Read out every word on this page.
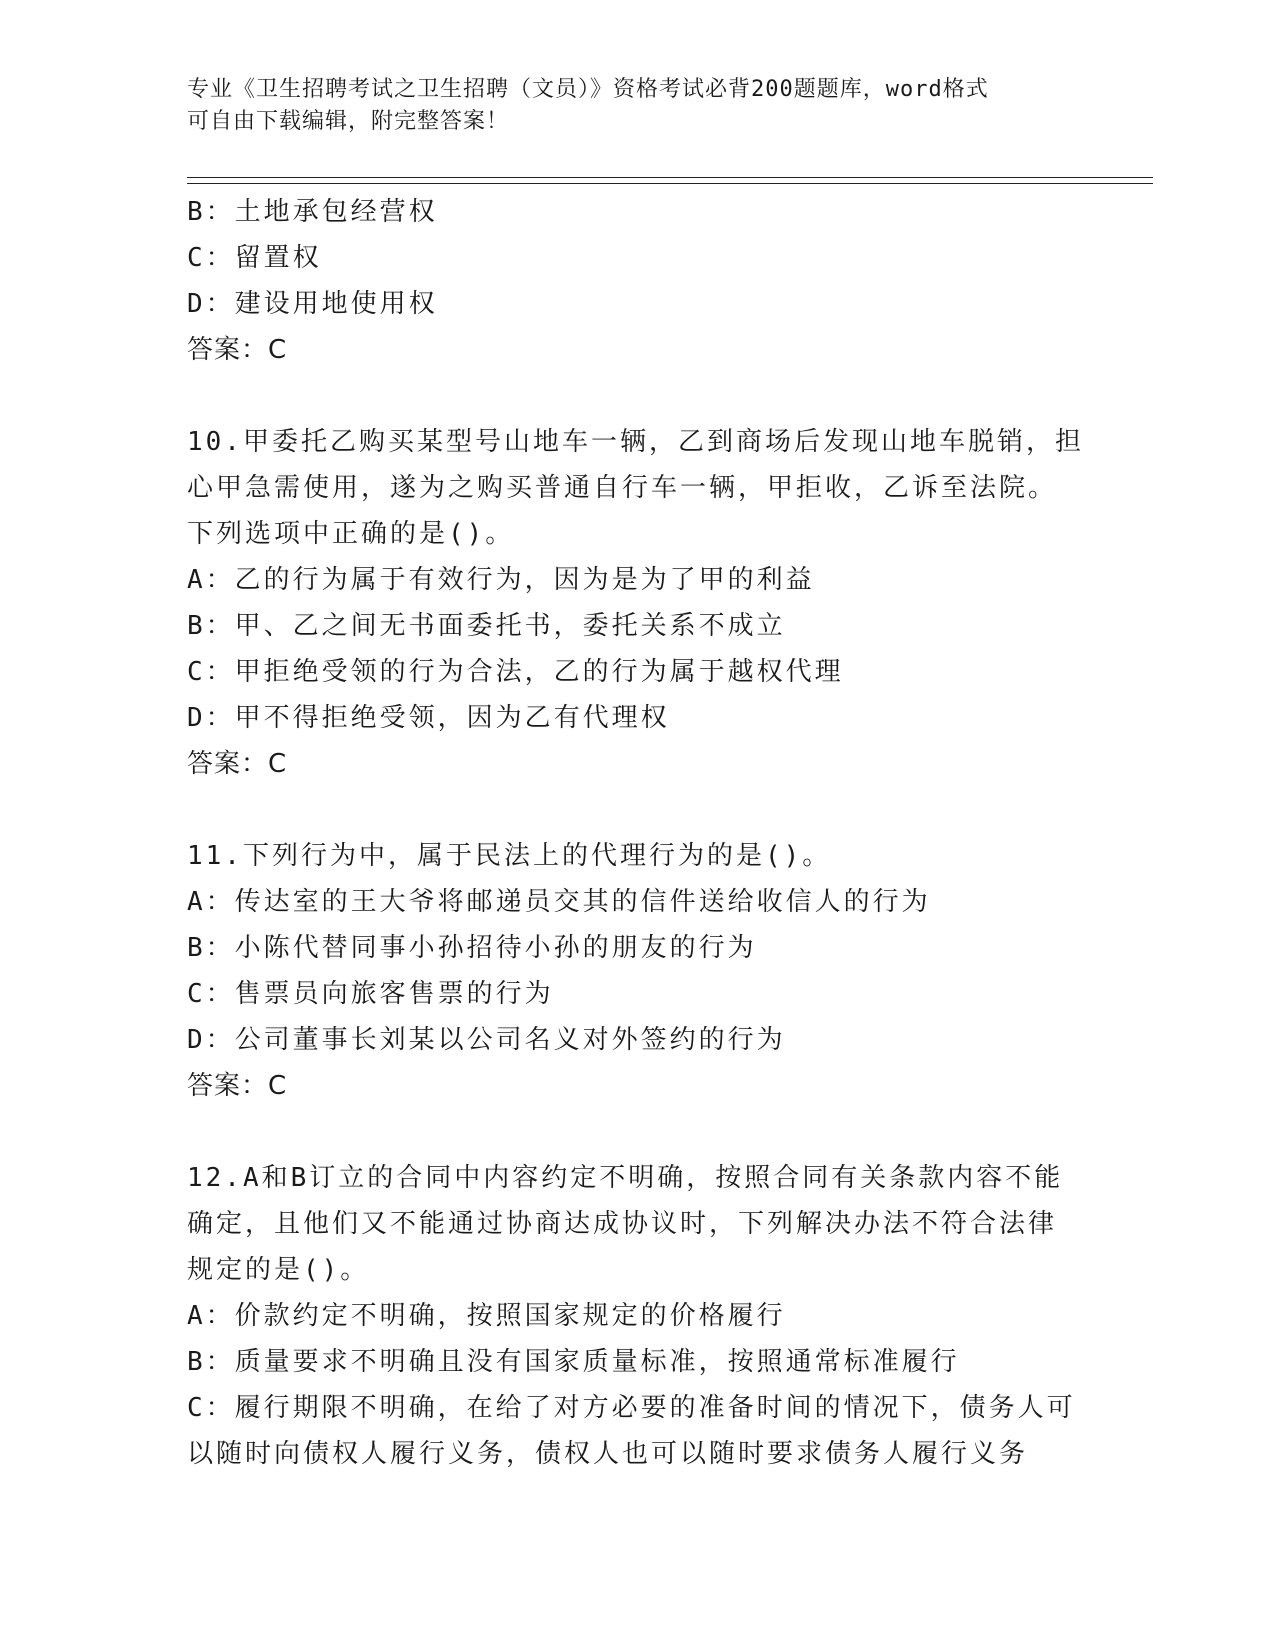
专业《卫生招聘考试之卫生招聘（文员）》资格考试必背200题题库，word格式
可自由下载编辑，附完整答案！
B：土地承包经营权
C：留置权
D：建设用地使用权
答案：C
10.甲委托乙购买某型号山地车一辆，乙到商场后发现山地车脱销，担
心甲急需使用，遂为之购买普通自行车一辆，甲拒收，乙诉至法院。
下列选项中正确的是()。
A：乙的行为属于有效行为，因为是为了甲的利益
B：甲、乙之间无书面委托书，委托关系不成立
C：甲拒绝受领的行为合法，乙的行为属于越权代理
D：甲不得拒绝受领，因为乙有代理权
答案：C
11.下列行为中，属于民法上的代理行为的是()。
A：传达室的王大爷将邮递员交其的信件送给收信人的行为
B：小陈代替同事小孙招待小孙的朋友的行为
C：售票员向旅客售票的行为
D：公司董事长刘某以公司名义对外签约的行为
答案：C
12.A和B订立的合同中内容约定不明确，按照合同有关条款内容不能
确定，且他们又不能通过协商达成协议时，下列解决办法不符合法律
规定的是()。
A：价款约定不明确，按照国家规定的价格履行
B：质量要求不明确且没有国家质量标准，按照通常标准履行
C：履行期限不明确，在给了对方必要的准备时间的情况下，债务人可
以随时向债权人履行义务，债权人也可以随时要求债务人履行义务
